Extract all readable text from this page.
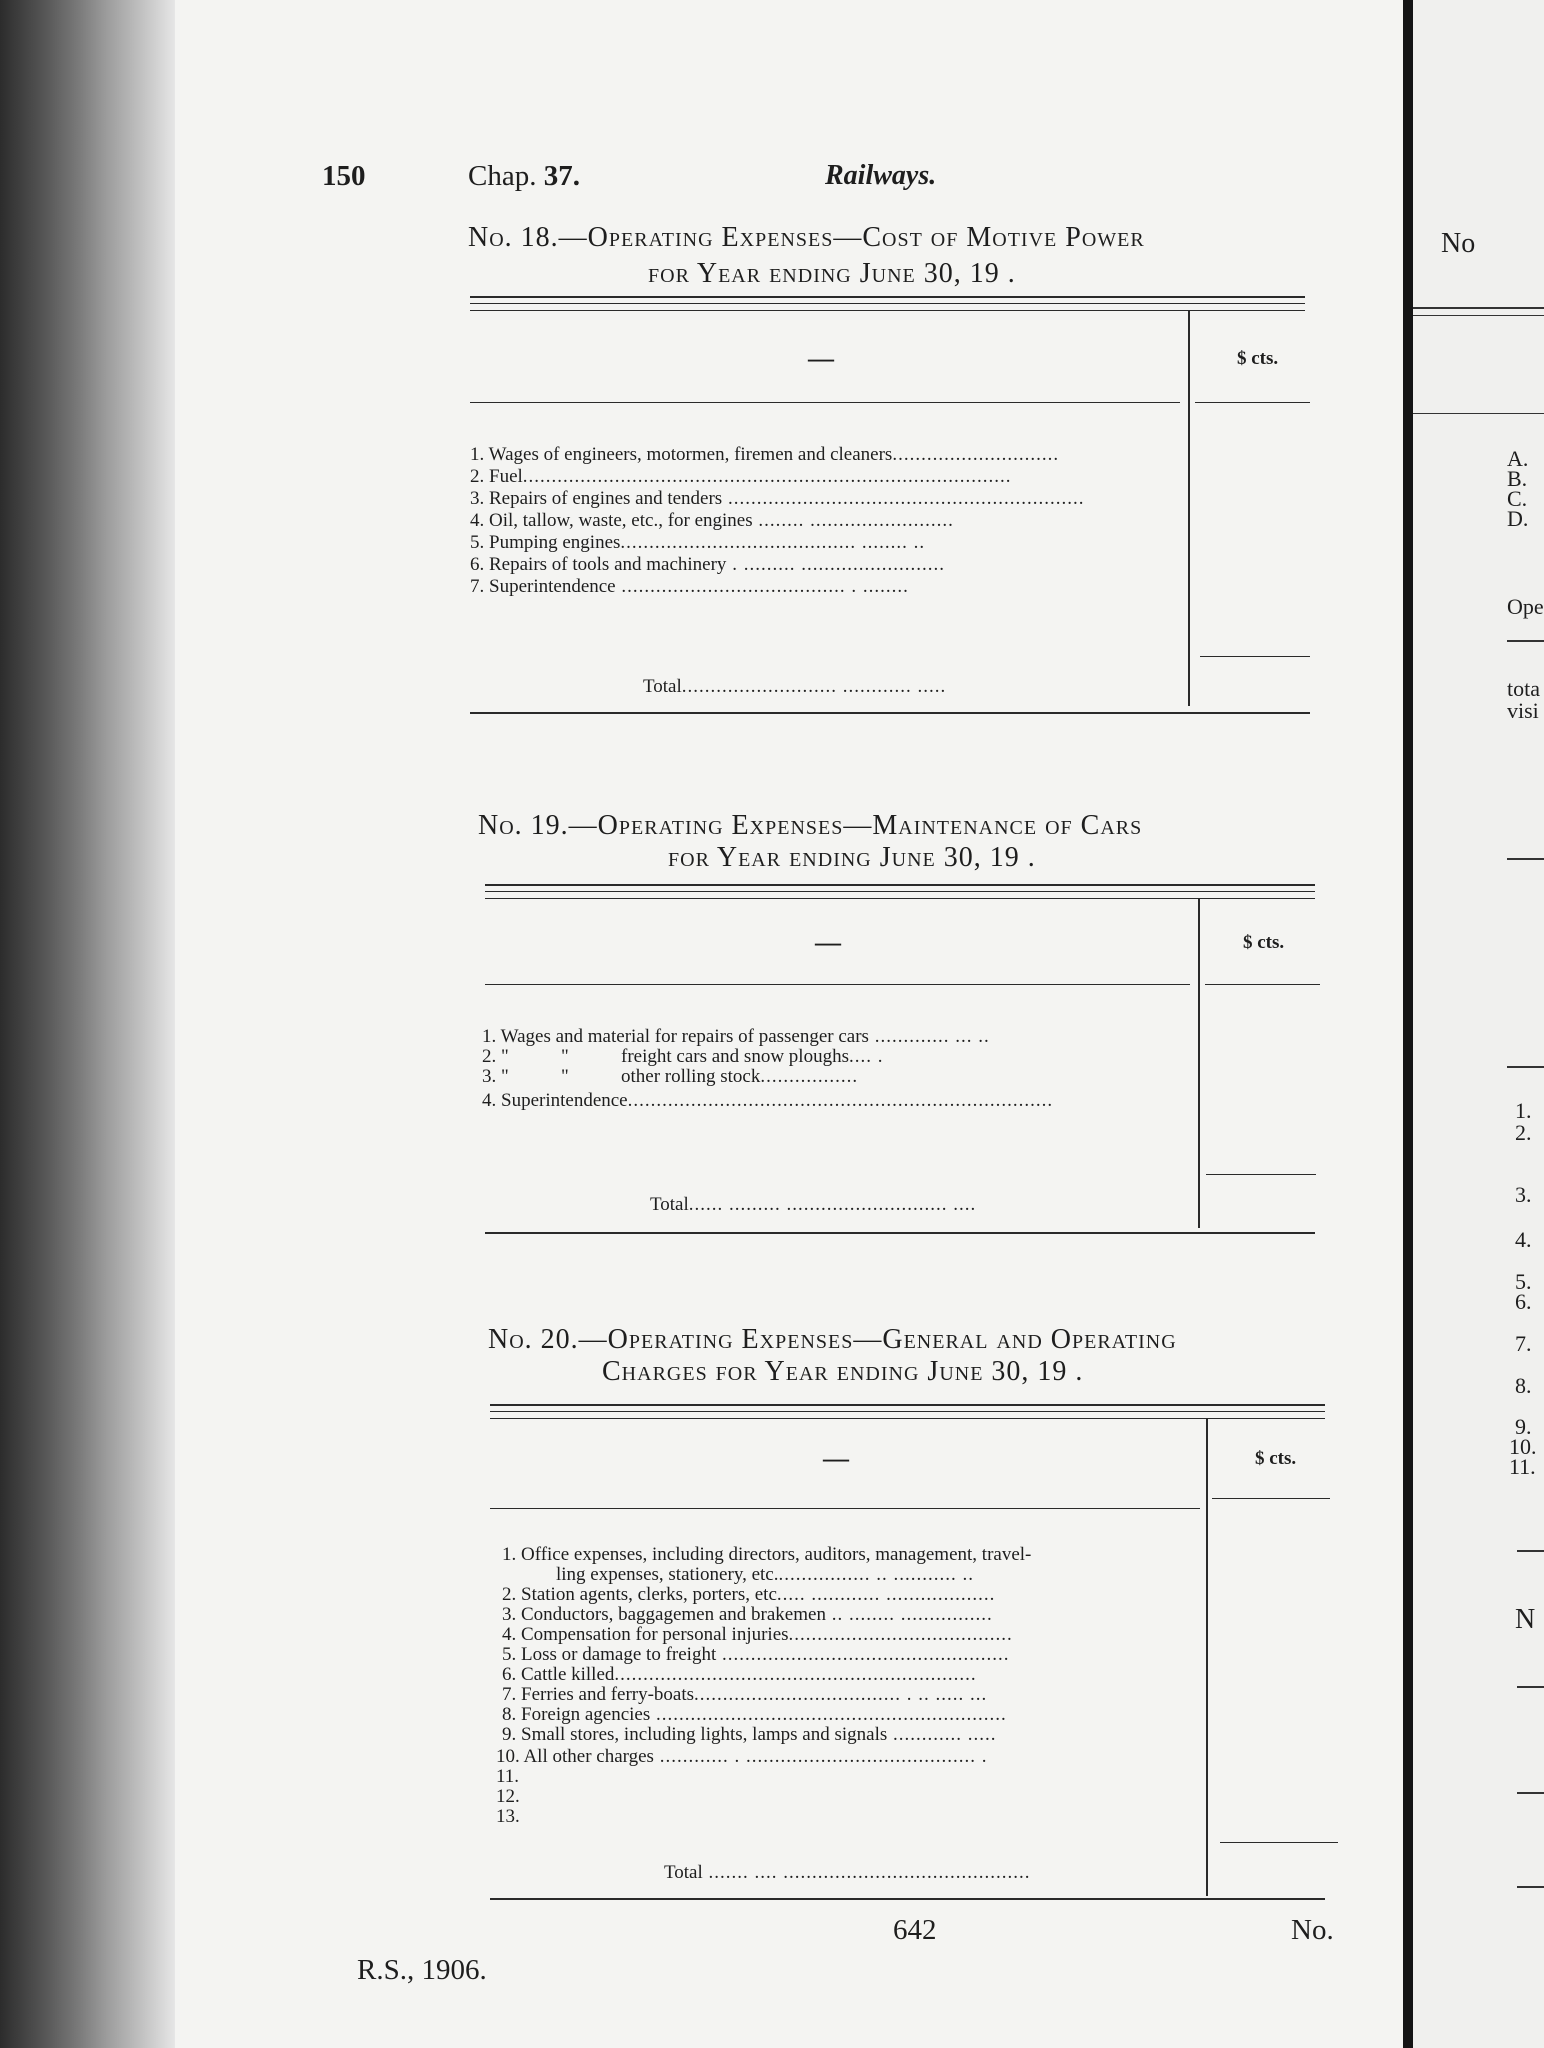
No
A.
B.
C.
D.
Ope
tota
visi
1.
2.
3.
4.
5.
6.
7.
8.
9.
10.
11.
N
150	Chap. 37.	Railways.
No. 18.—Operating Expenses—Cost of Motive Power
for Year ending June 30, 19 .
—	$ cts.
1. Wages of engineers, motormen, firemen and cleaners.............................
2. Fuel.....................................................................................
3. Repairs of engines and tenders ..............................................................
4. Oil, tallow, waste, etc., for engines ........ .........................
5. Pumping engines......................................... ........ ..
6. Repairs of tools and machinery . ......... .........................
7. Superintendence ....................................... . ........
Total........................... ............ .....
No. 19.—Operating Expenses—Maintenance of Cars
for Year ending June 30, 19 .
—	$ cts.
1. Wages and material for repairs of passenger cars ............. ... ..
2. "           "           freight cars and snow ploughs.... .
3. "           "           other rolling stock.................
4. Superintendence..........................................................................
Total...... ......... ............................ ....
No. 20.—Operating Expenses—General and Operating
Charges for Year ending June 30, 19 .
—	$ cts.
1. Office expenses, including directors, auditors, management, travel-
ling expenses, stationery, etc................. .. ........... ..
2. Station agents, clerks, porters, etc..... ............ ...................
3. Conductors, baggagemen and brakemen .. ........ ................
4. Compensation for personal injuries.......................................
5. Loss or damage to freight ..................................................
6. Cattle killed...............................................................
7. Ferries and ferry-boats.................................... . .. ..... ...
8. Foreign agencies .............................................................
9. Small stores, including lights, lamps and signals ............ .....
10. All other charges ............ . ........................................ .
11.
12.
13.
Total ....... .... ...........................................
642	No.
R.S., 1906.
